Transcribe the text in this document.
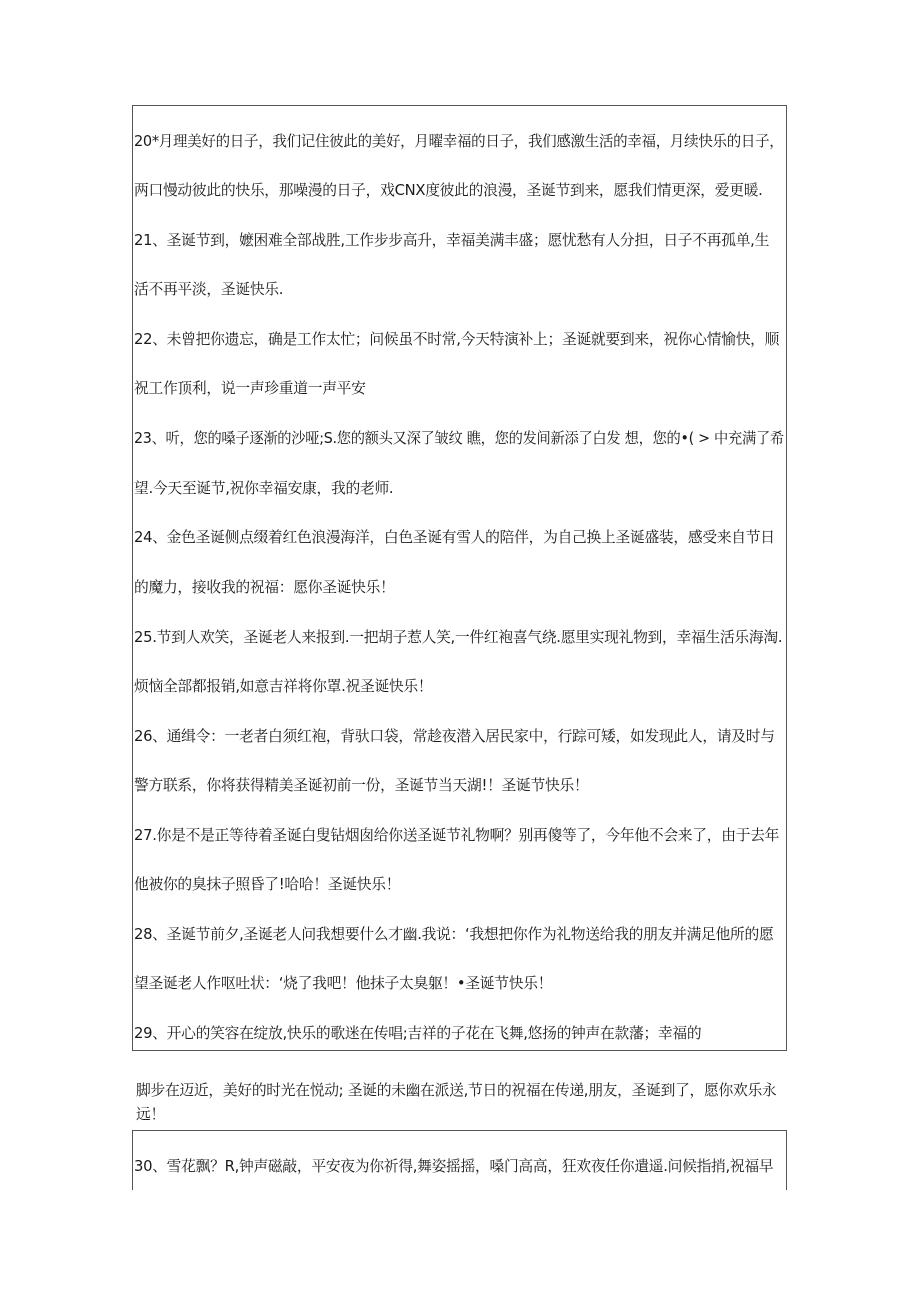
20*月理美好的日子，我们记住彼此的美好，月曜幸福的日子，我们感激生活的幸福，月续快乐的日子，
两口慢动彼此的快乐，那噪漫的日子，戏CNX度彼此的浪漫，圣诞节到来，愿我们情更深，爱更暖.
21、圣诞节到，嬷困难全部战胜,工作步步高升，幸福美满丰盛；愿忧愁有人分担，日子不再孤单,生
活不再平淡，圣诞快乐.
22、未曾把你遗忘，确是工作太忙；问候虽不时常,今天特演补上；圣诞就要到来，祝你心情愉快，顺
祝工作顶利，说一声珍重道一声平安
23、听，您的嗓子逐渐的沙哑;S.您的额头又深了皱纹 瞧，您的发间新添了白发 想，您的•( > 中充满了希
望.今天至诞节,祝你幸福安康，我的老师.
24、金色圣诞侧点缀着红色浪漫海洋，白色圣诞有雪人的陪伴，为自己换上圣诞盛装，感受来自节日
的魔力，接收我的祝福：愿你圣诞快乐！
25.节到人欢笑，圣诞老人来报到.一把胡子惹人笑,一件红袍喜气绕.愿里实现礼物到，幸福生活乐海淘.
烦恼全部都报销,如意吉祥将你罩.祝圣诞快乐！
26、通缉令：一老者白须红袍，背驮口袋，常趁夜潜入居民家中，行踪可矮，如发现此人，请及时与
警方联系，你将获得精美圣诞初前一份，圣诞节当天湖!！圣诞节快乐！
27.你是不是正等待着圣诞白叟钻烟囱给你送圣诞节礼物啊？别再傻等了，今年他不会来了，由于去年
他被你的臭抹子照昏了!哈哈！圣诞快乐！
28、圣诞节前夕,圣诞老人问我想要什么才幽.我说：‘我想把你作为礼物送给我的朋友并满足他所的愿
望圣诞老人作呕吐状：‘烧了我吧！他抹子太臭躯！•圣诞节快乐！
29、开心的笑容在绽放,快乐的歌迷在传唱;吉祥的子花在飞舞,悠扬的钟声在款藩；幸福的
脚步在迈近，美好的时光在悦动; 圣诞的未幽在派送,节日的祝福在传递,朋友，圣诞到了，愿你欢乐永
远！
30、雪花飘？R,钟声磁敲，平安夜为你祈得,舞姿摇摇，嗓门高高，狂欢夜任你遣遥.问候指捎,祝福早
